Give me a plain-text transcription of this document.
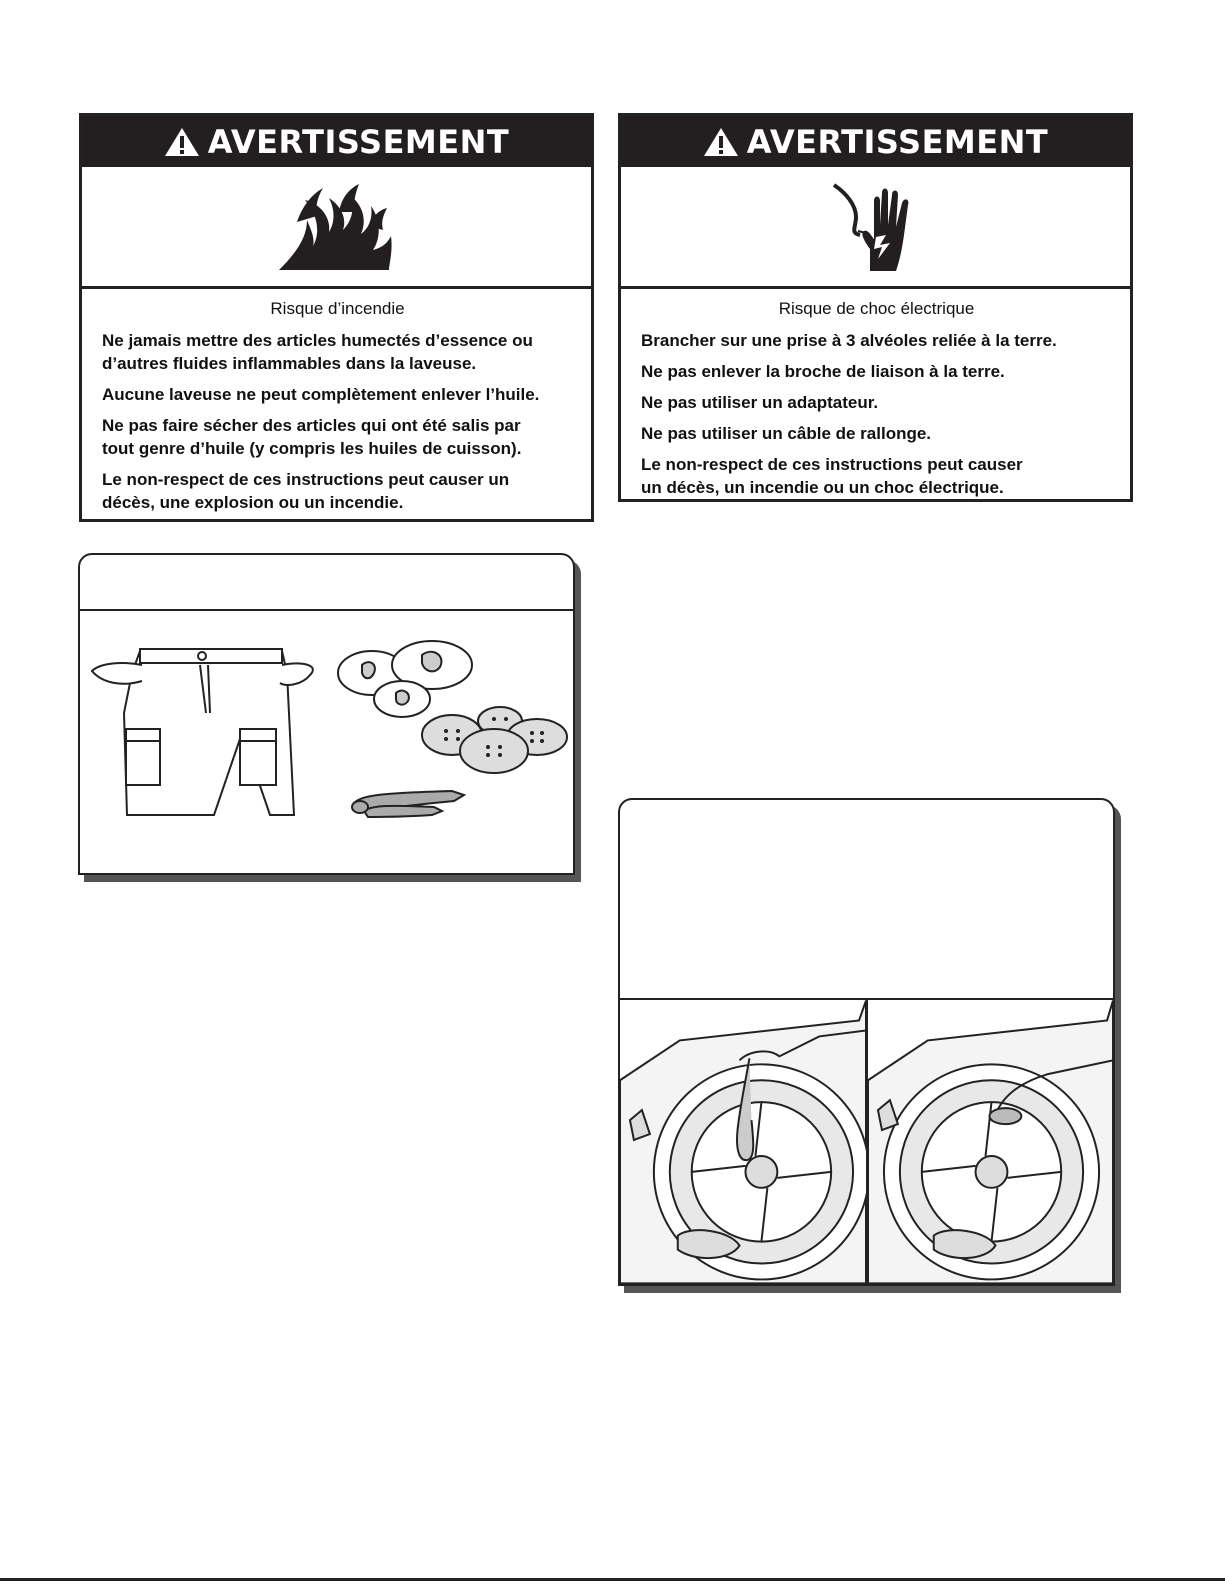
AVERTISSEMENT

Risque d’incendie

Ne jamais mettre des articles humectés d’essence ou
d’autres fluides inflammables dans la laveuse.

Aucune laveuse ne peut complètement enlever l’huile.

Ne pas faire sécher des articles qui ont été salis par
tout genre d’huile (y compris les huiles de cuisson).

Le non-respect de ces instructions peut causer un
décès, une explosion ou un incendie.

AVERTISSEMENT

Risque de choc électrique

Brancher sur une prise à 3 alvéoles reliée à la terre.

Ne pas enlever la broche de liaison à la terre.

Ne pas utiliser un adaptateur.

Ne pas utiliser un câble de rallonge.

Le non-respect de ces instructions peut causer
un décès, un incendie ou un choc électrique.
